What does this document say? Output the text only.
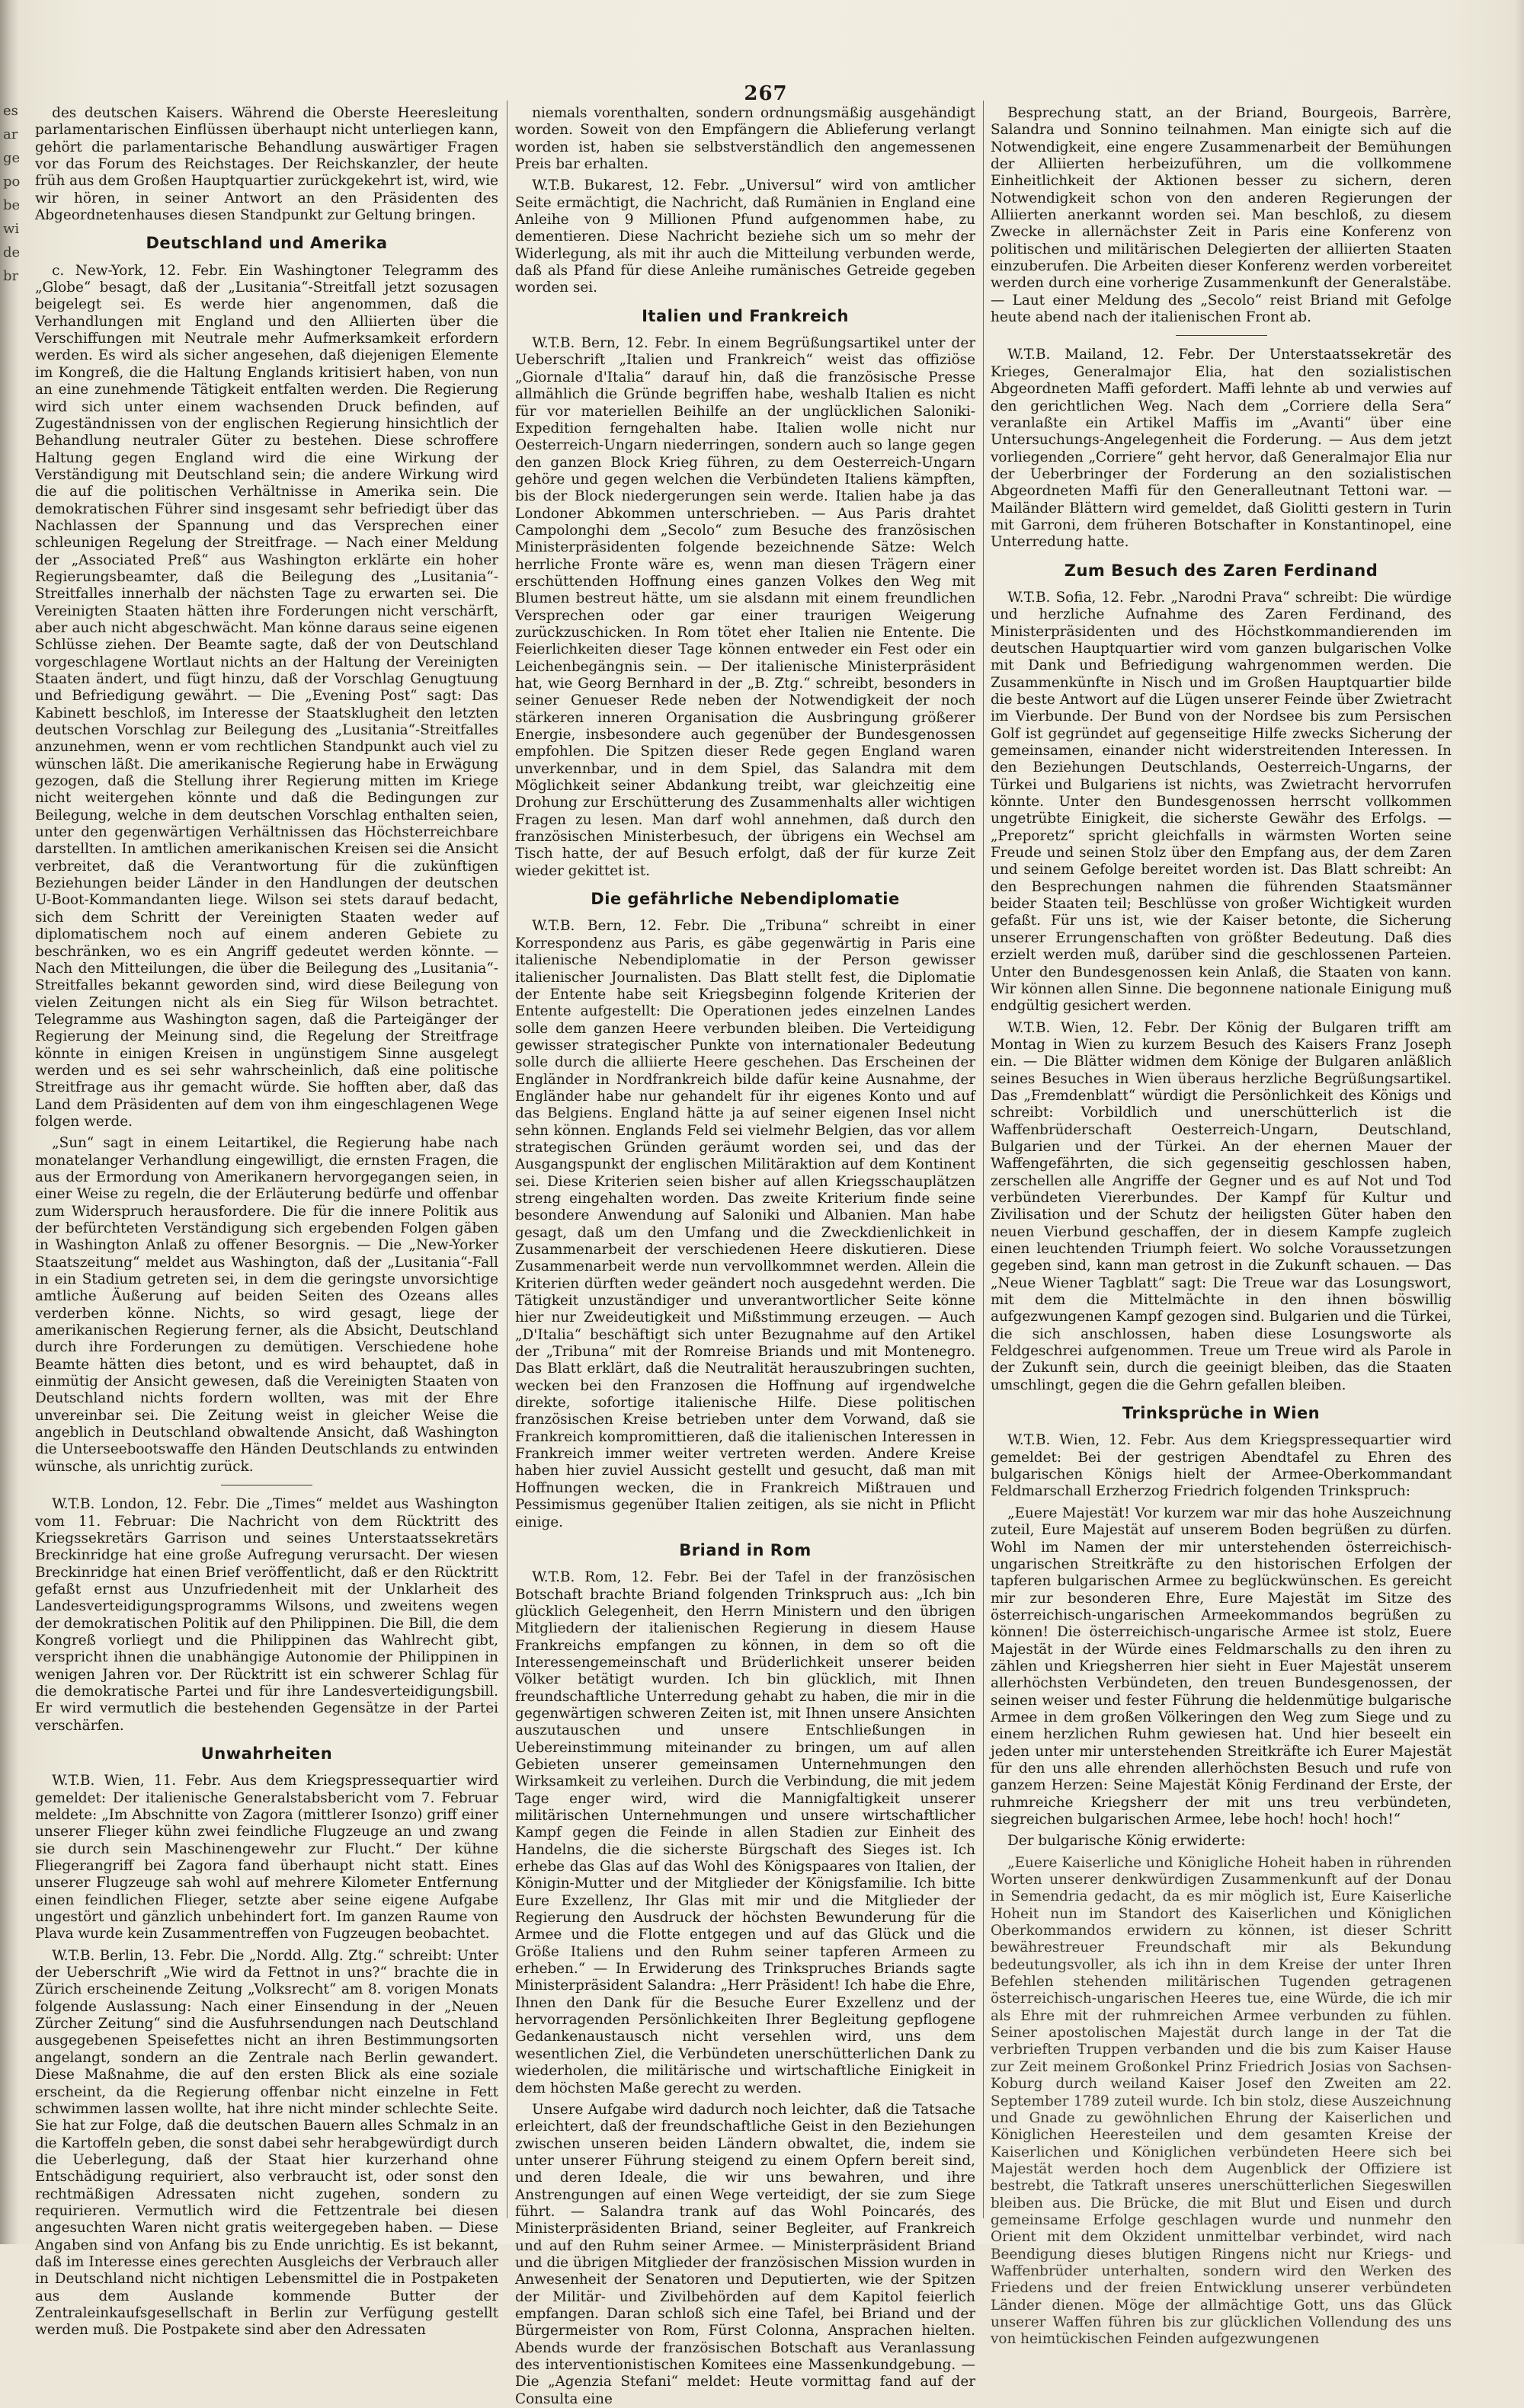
es
ar
ge
po
be
wi
de
br
267

des deutschen Kaisers. Während die Oberste Heeresleitung parlamentarischen Einflüssen überhaupt nicht unterliegen kann, gehört die parlamentarische Behandlung auswärtiger Fragen vor das Forum des Reichstages. Der Reichskanzler, der heute früh aus dem Großen Hauptquartier zurückgekehrt ist, wird, wie wir hören, in seiner Antwort an den Präsidenten des Abgeordnetenhauses diesen Standpunkt zur Geltung bringen.

Deutschland und Amerika

c. New-York, 12. Febr. Ein Washingtoner Telegramm des „Globe“ besagt, daß der „Lusitania“-Streitfall jetzt sozusagen beigelegt sei. Es werde hier angenommen, daß die Verhandlungen mit England und den Alliierten über die Verschiffungen mit Neutrale mehr Aufmerksamkeit erfordern werden. Es wird als sicher angesehen, daß diejenigen Elemente im Kongreß, die die Haltung Englands kritisiert haben, von nun an eine zunehmende Tätigkeit entfalten werden. Die Regierung wird sich unter einem wachsenden Druck befinden, auf Zugeständnissen von der englischen Regierung hinsichtlich der Behandlung neutraler Güter zu bestehen. Diese schroffere Haltung gegen England wird die eine Wirkung der Verständigung mit Deutschland sein; die andere Wirkung wird die auf die politischen Verhältnisse in Amerika sein. Die demokratischen Führer sind insgesamt sehr befriedigt über das Nachlassen der Spannung und das Versprechen einer schleunigen Regelung der Streitfrage. — Nach einer Meldung der „Associated Preß“ aus Washington erklärte ein hoher Regierungsbeamter, daß die Beilegung des „Lusitania“-Streitfalles innerhalb der nächsten Tage zu erwarten sei. Die Vereinigten Staaten hätten ihre Forderungen nicht verschärft, aber auch nicht abgeschwächt. Man könne daraus seine eigenen Schlüsse ziehen. Der Beamte sagte, daß der von Deutschland vorgeschlagene Wortlaut nichts an der Haltung der Vereinigten Staaten ändert, und fügt hinzu, daß der Vorschlag Genugtuung und Befriedigung gewährt. — Die „Evening Post“ sagt: Das Kabinett beschloß, im Interesse der Staatsklugheit den letzten deutschen Vorschlag zur Beilegung des „Lusitania“-Streitfalles anzunehmen, wenn er vom rechtlichen Standpunkt auch viel zu wünschen läßt. Die amerikanische Regierung habe in Erwägung gezogen, daß die Stellung ihrer Regierung mitten im Kriege nicht weitergehen könnte und daß die Bedingungen zur Beilegung, welche in dem deutschen Vorschlag enthalten seien, unter den gegenwärtigen Verhältnissen das Höchsterreichbare darstellten. In amtlichen amerikanischen Kreisen sei die Ansicht verbreitet, daß die Verantwortung für die zukünftigen Beziehungen beider Länder in den Handlungen der deutschen U-Boot-Kommandanten liege. Wilson sei stets darauf bedacht, sich dem Schritt der Vereinigten Staaten weder auf diplomatischem noch auf einem anderen Gebiete zu beschränken, wo es ein Angriff gedeutet werden könnte. — Nach den Mitteilungen, die über die Beilegung des „Lusitania“-Streitfalles bekannt geworden sind, wird diese Beilegung von vielen Zeitungen nicht als ein Sieg für Wilson betrachtet. Telegramme aus Washington sagen, daß die Parteigänger der Regierung der Meinung sind, die Regelung der Streitfrage könnte in einigen Kreisen in ungünstigem Sinne ausgelegt werden und es sei sehr wahrscheinlich, daß eine politische Streitfrage aus ihr gemacht würde. Sie hofften aber, daß das Land dem Präsidenten auf dem von ihm eingeschlagenen Wege folgen werde.

„Sun“ sagt in einem Leitartikel, die Regierung habe nach monatelanger Verhandlung eingewilligt, die ernsten Fragen, die aus der Ermordung von Amerikanern hervorgegangen seien, in einer Weise zu regeln, die der Erläuterung bedürfe und offenbar zum Widerspruch herausfordere. Die für die innere Politik aus der befürchteten Verständigung sich ergebenden Folgen gäben in Washington Anlaß zu offener Besorgnis. — Die „New-Yorker Staatszeitung“ meldet aus Washington, daß der „Lusitania“-Fall in ein Stadium getreten sei, in dem die geringste unvorsichtige amtliche Äußerung auf beiden Seiten des Ozeans alles verderben könne. Nichts, so wird gesagt, liege der amerikanischen Regierung ferner, als die Absicht, Deutschland durch ihre Forderungen zu demütigen. Verschiedene hohe Beamte hätten dies betont, und es wird behauptet, daß in einmütig der Ansicht gewesen, daß die Vereinigten Staaten von Deutschland nichts fordern wollten, was mit der Ehre unvereinbar sei. Die Zeitung weist in gleicher Weise die angeblich in Deutschland obwaltende Ansicht, daß Washington die Unterseebootswaffe den Händen Deutschlands zu entwinden wünsche, als unrichtig zurück.

W.T.B. London, 12. Febr. Die „Times“ meldet aus Washington vom 11. Februar: Die Nachricht von dem Rücktritt des Kriegssekretärs Garrison und seines Unterstaatssekretärs Breckinridge hat eine große Aufregung verursacht. Der wiesen Breckinridge hat einen Brief veröffentlicht, daß er den Rücktritt gefaßt ernst aus Unzufriedenheit mit der Unklarheit des Landesverteidigungsprogramms Wilsons, und zweitens wegen der demokratischen Politik auf den Philippinen. Die Bill, die dem Kongreß vorliegt und die Philippinen das Wahlrecht gibt, verspricht ihnen die unabhängige Autonomie der Philippinen in wenigen Jahren vor. Der Rücktritt ist ein schwerer Schlag für die demokratische Partei und für ihre Landesverteidigungsbill. Er wird vermutlich die bestehenden Gegensätze in der Partei verschärfen.

Unwahrheiten

W.T.B. Wien, 11. Febr. Aus dem Kriegspressequartier wird gemeldet: Der italienische Generalstabsbericht vom 7. Februar meldete: „Im Abschnitte von Zagora (mittlerer Isonzo) griff einer unserer Flieger kühn zwei feindliche Flugzeuge an und zwang sie durch sein Maschinengewehr zur Flucht.“ Der kühne Fliegerangriff bei Zagora fand überhaupt nicht statt. Eines unserer Flugzeuge sah wohl auf mehrere Kilometer Entfernung einen feindlichen Flieger, setzte aber seine eigene Aufgabe ungestört und gänzlich unbehindert fort. Im ganzen Raume von Plava wurde kein Zusammentreffen von Fugzeugen beobachtet.

W.T.B. Berlin, 13. Febr. Die „Nordd. Allg. Ztg.“ schreibt: Unter der Ueberschrift „Wie wird da Fettnot in uns?“ brachte die in Zürich erscheinende Zeitung „Volksrecht“ am 8. vorigen Monats folgende Auslassung: Nach einer Einsendung in der „Neuen Zürcher Zeitung“ sind die Ausfuhrsendungen nach Deutschland ausgegebenen Speisefettes nicht an ihren Bestimmungsorten angelangt, sondern an die Zentrale nach Berlin gewandert. Diese Maßnahme, die auf den ersten Blick als eine soziale erscheint, da die Regierung offenbar nicht einzelne in Fett schwimmen lassen wollte, hat ihre nicht minder schlechte Seite. Sie hat zur Folge, daß die deutschen Bauern alles Schmalz in an die Kartoffeln geben, die sonst dabei sehr herabgewürdigt durch die Ueberlegung, daß der Staat hier kurzerhand ohne Entschädigung requiriert, also verbraucht ist, oder sonst den rechtmäßigen Adressaten nicht zugehen, sondern zu requirieren. Vermutlich wird die Fettzentrale bei diesen angesuchten Waren nicht gratis weitergegeben haben. — Diese Angaben sind von Anfang bis zu Ende unrichtig. Es ist bekannt, daß im Interesse eines gerechten Ausgleichs der Verbrauch aller in Deutschland nicht nichtigen Lebensmittel die in Postpaketen aus dem Auslande kommende Butter der Zentraleinkaufsgesellschaft in Berlin zur Verfügung gestellt werden muß. Die Postpakete sind aber den Adressaten

niemals vorenthalten, sondern ordnungsmäßig ausgehändigt worden. Soweit von den Empfängern die Ablieferung verlangt worden ist, haben sie selbstverständlich den angemessenen Preis bar erhalten.

W.T.B. Bukarest, 12. Febr. „Universul“ wird von amtlicher Seite ermächtigt, die Nachricht, daß Rumänien in England eine Anleihe von 9 Millionen Pfund aufgenommen habe, zu dementieren. Diese Nachricht beziehe sich um so mehr der Widerlegung, als mit ihr auch die Mitteilung verbunden werde, daß als Pfand für diese Anleihe rumänisches Getreide gegeben worden sei.

Italien und Frankreich

W.T.B. Bern, 12. Febr. In einem Begrüßungsartikel unter der Ueberschrift „Italien und Frankreich“ weist das offiziöse „Giornale d'Italia“ darauf hin, daß die französische Presse allmählich die Gründe begriffen habe, weshalb Italien es nicht für vor materiellen Beihilfe an der unglücklichen Saloniki-Expedition ferngehalten habe. Italien wolle nicht nur Oesterreich-Ungarn niederringen, sondern auch so lange gegen den ganzen Block Krieg führen, zu dem Oesterreich-Ungarn gehöre und gegen welchen die Verbündeten Italiens kämpften, bis der Block niedergerungen sein werde. Italien habe ja das Londoner Abkommen unterschrieben. — Aus Paris drahtet Campolonghi dem „Secolo“ zum Besuche des französischen Ministerpräsidenten folgende bezeichnende Sätze: Welch herrliche Fronte wäre es, wenn man diesen Trägern einer erschüttenden Hoffnung eines ganzen Volkes den Weg mit Blumen bestreut hätte, um sie alsdann mit einem freundlichen Versprechen oder gar einer traurigen Weigerung zurückzuschicken. In Rom tötet eher Italien nie Entente. Die Feierlichkeiten dieser Tage können entweder ein Fest oder ein Leichenbegängnis sein. — Der italienische Ministerpräsident hat, wie Georg Bernhard in der „B. Ztg.“ schreibt, besonders in seiner Genueser Rede neben der Notwendigkeit der noch stärkeren inneren Organisation die Ausbringung größerer Energie, insbesondere auch gegenüber der Bundesgenossen empfohlen. Die Spitzen dieser Rede gegen England waren unverkennbar, und in dem Spiel, das Salandra mit dem Möglichkeit seiner Abdankung treibt, war gleichzeitig eine Drohung zur Erschütterung des Zusammenhalts aller wichtigen Fragen zu lesen. Man darf wohl annehmen, daß durch den französischen Ministerbesuch, der übrigens ein Wechsel am Tisch hatte, der auf Besuch erfolgt, daß der für kurze Zeit wieder gekittet ist.

Die gefährliche Nebendiplomatie

W.T.B. Bern, 12. Febr. Die „Tribuna“ schreibt in einer Korrespondenz aus Paris, es gäbe gegenwärtig in Paris eine italienische Nebendiplomatie in der Person gewisser italienischer Journalisten. Das Blatt stellt fest, die Diplomatie der Entente habe seit Kriegsbeginn folgende Kriterien der Entente aufgestellt: Die Operationen jedes einzelnen Landes solle dem ganzen Heere verbunden bleiben. Die Verteidigung gewisser strategischer Punkte von internationaler Bedeutung solle durch die alliierte Heere geschehen. Das Erscheinen der Engländer in Nordfrankreich bilde dafür keine Ausnahme, der Engländer habe nur gehandelt für ihr eigenes Konto und auf das Belgiens. England hätte ja auf seiner eigenen Insel nicht sehn können. Englands Feld sei vielmehr Belgien, das vor allem strategischen Gründen geräumt worden sei, und das der Ausgangspunkt der englischen Militäraktion auf dem Kontinent sei. Diese Kriterien seien bisher auf allen Kriegsschauplätzen streng eingehalten worden. Das zweite Kriterium finde seine besondere Anwendung auf Saloniki und Albanien. Man habe gesagt, daß um den Umfang und die Zweckdienlichkeit in Zusammenarbeit der verschiedenen Heere diskutieren. Diese Zusammenarbeit werde nun vervollkommnet werden. Allein die Kriterien dürften weder geändert noch ausgedehnt werden. Die Tätigkeit unzuständiger und unverantwortlicher Seite könne hier nur Zweideutigkeit und Mißstimmung erzeugen. — Auch „D'Italia“ beschäftigt sich unter Bezugnahme auf den Artikel der „Tribuna“ mit der Romreise Briands und mit Montenegro. Das Blatt erklärt, daß die Neutralität herauszubringen suchten, wecken bei den Franzosen die Hoffnung auf irgendwelche direkte, sofortige italienische Hilfe. Diese politischen französischen Kreise betrieben unter dem Vorwand, daß sie Frankreich kompromittieren, daß die italienischen Interessen in Frankreich immer weiter vertreten werden. Andere Kreise haben hier zuviel Aussicht gestellt und gesucht, daß man mit Hoffnungen wecken, die in Frankreich Mißtrauen und Pessimismus gegenüber Italien zeitigen, als sie nicht in Pflicht einige.

Briand in Rom

W.T.B. Rom, 12. Febr. Bei der Tafel in der französischen Botschaft brachte Briand folgenden Trinkspruch aus: „Ich bin glücklich Gelegenheit, den Herrn Ministern und den übrigen Mitgliedern der italienischen Regierung in diesem Hause Frankreichs empfangen zu können, in dem so oft die Interessengemeinschaft und Brüderlichkeit unserer beiden Völker betätigt wurden. Ich bin glücklich, mit Ihnen freundschaftliche Unterredung gehabt zu haben, die mir in die gegenwärtigen schweren Zeiten ist, mit Ihnen unsere Ansichten auszutauschen und unsere Entschließungen in Uebereinstimmung miteinander zu bringen, um auf allen Gebieten unserer gemeinsamen Unternehmungen den Wirksamkeit zu verleihen. Durch die Verbindung, die mit jedem Tage enger wird, wird die Mannigfaltigkeit unserer militärischen Unternehmungen und unsere wirtschaftlicher Kampf gegen die Feinde in allen Stadien zur Einheit des Handelns, die die sicherste Bürgschaft des Sieges ist. Ich erhebe das Glas auf das Wohl des Königspaares von Italien, der Königin-Mutter und der Mitglieder der Königsfamilie. Ich bitte Eure Exzellenz, Ihr Glas mit mir und die Mitglieder der Regierung den Ausdruck der höchsten Bewunderung für die Armee und die Flotte entgegen und auf das Glück und die Größe Italiens und den Ruhm seiner tapferen Armeen zu erheben.“ — In Erwiderung des Trinkspruches Briands sagte Ministerpräsident Salandra: „Herr Präsident! Ich habe die Ehre, Ihnen den Dank für die Besuche Eurer Exzellenz und der hervorragenden Persönlichkeiten Ihrer Begleitung gepflogene Gedankenaustausch nicht versehlen wird, uns dem wesentlichen Ziel, die Verbündeten unerschütterlichen Dank zu wiederholen, die militärische und wirtschaftliche Einigkeit in dem höchsten Maße gerecht zu werden.

Unsere Aufgabe wird dadurch noch leichter, daß die Tatsache erleichtert, daß der freundschaftliche Geist in den Beziehungen zwischen unseren beiden Ländern obwaltet, die, indem sie unter unserer Führung steigend zu einem Opfern bereit sind, und deren Ideale, die wir uns bewahren, und ihre Anstrengungen auf einen Wege verteidigt, der sie zum Siege führt. — Salandra trank auf das Wohl Poincarés, des Ministerpräsidenten Briand, seiner Begleiter, auf Frankreich und auf den Ruhm seiner Armee. — Ministerpräsident Briand und die übrigen Mitglieder der französischen Mission wurden in Anwesenheit der Senatoren und Deputierten, wie der Spitzen der Militär- und Zivilbehörden auf dem Kapitol feierlich empfangen. Daran schloß sich eine Tafel, bei Briand und der Bürgermeister von Rom, Fürst Colonna, Ansprachen hielten. Abends wurde der französischen Botschaft aus Veranlassung des interventionistischen Komitees eine Massenkundgebung. — Die „Agenzia Stefani“ meldet: Heute vormittag fand auf der Consulta eine

Besprechung statt, an der Briand, Bourgeois, Barrère, Salandra und Sonnino teilnahmen. Man einigte sich auf die Notwendigkeit, eine engere Zusammenarbeit der Bemühungen der Alliierten herbeizuführen, um die vollkommene Einheitlichkeit der Aktionen besser zu sichern, deren Notwendigkeit schon von den anderen Regierungen der Alliierten anerkannt worden sei. Man beschloß, zu diesem Zwecke in allernächster Zeit in Paris eine Konferenz von politischen und militärischen Delegierten der alliierten Staaten einzuberufen. Die Arbeiten dieser Konferenz werden vorbereitet werden durch eine vorherige Zusammenkunft der Generalstäbe. — Laut einer Meldung des „Secolo“ reist Briand mit Gefolge heute abend nach der italienischen Front ab.

W.T.B. Mailand, 12. Febr. Der Unterstaatssekretär des Krieges, Generalmajor Elia, hat den sozialistischen Abgeordneten Maffi gefordert. Maffi lehnte ab und verwies auf den gerichtlichen Weg. Nach dem „Corriere della Sera“ veranlaßte ein Artikel Maffis im „Avanti“ über eine Untersuchungs-Angelegenheit die Forderung. — Aus dem jetzt vorliegenden „Corriere“ geht hervor, daß Generalmajor Elia nur der Ueberbringer der Forderung an den sozialistischen Abgeordneten Maffi für den Generalleutnant Tettoni war. — Mailänder Blättern wird gemeldet, daß Giolitti gestern in Turin mit Garroni, dem früheren Botschafter in Konstantinopel, eine Unterredung hatte.

Zum Besuch des Zaren Ferdinand

W.T.B. Sofia, 12. Febr. „Narodni Prava“ schreibt: Die würdige und herzliche Aufnahme des Zaren Ferdinand, des Ministerpräsidenten und des Höchstkommandierenden im deutschen Hauptquartier wird vom ganzen bulgarischen Volke mit Dank und Befriedigung wahrgenommen werden. Die Zusammenkünfte in Nisch und im Großen Hauptquartier bilde die beste Antwort auf die Lügen unserer Feinde über Zwietracht im Vierbunde. Der Bund von der Nordsee bis zum Persischen Golf ist gegründet auf gegenseitige Hilfe zwecks Sicherung der gemeinsamen, einander nicht widerstreitenden Interessen. In den Beziehungen Deutschlands, Oesterreich-Ungarns, der Türkei und Bulgariens ist nichts, was Zwietracht hervorrufen könnte. Unter den Bundesgenossen herrscht vollkommen ungetrübte Einigkeit, die sicherste Gewähr des Erfolgs. — „Preporetz“ spricht gleichfalls in wärmsten Worten seine Freude und seinen Stolz über den Empfang aus, der dem Zaren und seinem Gefolge bereitet worden ist. Das Blatt schreibt: An den Besprechungen nahmen die führenden Staatsmänner beider Staaten teil; Beschlüsse von großer Wichtigkeit wurden gefaßt. Für uns ist, wie der Kaiser betonte, die Sicherung unserer Errungenschaften von größter Bedeutung. Daß dies erzielt werden muß, darüber sind die geschlossenen Parteien. Unter den Bundesgenossen kein Anlaß, die Staaten von kann. Wir können allen Sinne. Die begonnene nationale Einigung muß endgültig gesichert werden.

W.T.B. Wien, 12. Febr. Der König der Bulgaren trifft am Montag in Wien zu kurzem Besuch des Kaisers Franz Joseph ein. — Die Blätter widmen dem Könige der Bulgaren anläßlich seines Besuches in Wien überaus herzliche Begrüßungsartikel. Das „Fremdenblatt“ würdigt die Persönlichkeit des Königs und schreibt: Vorbildlich und unerschütterlich ist die Waffenbrüderschaft Oesterreich-Ungarn, Deutschland, Bulgarien und der Türkei. An der ehernen Mauer der Waffengefährten, die sich gegenseitig geschlossen haben, zerschellen alle Angriffe der Gegner und es auf Not und Tod verbündeten Viererbundes. Der Kampf für Kultur und Zivilisation und der Schutz der heiligsten Güter haben den neuen Vierbund geschaffen, der in diesem Kampfe zugleich einen leuchtenden Triumph feiert. Wo solche Voraussetzungen gegeben sind, kann man getrost in die Zukunft schauen. — Das „Neue Wiener Tagblatt“ sagt: Die Treue war das Losungswort, mit dem die Mittelmächte in den ihnen böswillig aufgezwungenen Kampf gezogen sind. Bulgarien und die Türkei, die sich anschlossen, haben diese Losungsworte als Feldgeschrei aufgenommen. Treue um Treue wird als Parole in der Zukunft sein, durch die geeinigt bleiben, das die Staaten umschlingt, gegen die die Gehrn gefallen bleiben.

Trinksprüche in Wien

W.T.B. Wien, 12. Febr. Aus dem Kriegspressequartier wird gemeldet: Bei der gestrigen Abendtafel zu Ehren des bulgarischen Königs hielt der Armee-Oberkommandant Feldmarschall Erzherzog Friedrich folgenden Trinkspruch:

„Euere Majestät! Vor kurzem war mir das hohe Auszeichnung zuteil, Eure Majestät auf unserem Boden begrüßen zu dürfen. Wohl im Namen der mir unterstehenden österreichisch-ungarischen Streitkräfte zu den historischen Erfolgen der tapferen bulgarischen Armee zu beglückwünschen. Es gereicht mir zur besonderen Ehre, Eure Majestät im Sitze des österreichisch-ungarischen Armeekommandos begrüßen zu können! Die österreichisch-ungarische Armee ist stolz, Euere Majestät in der Würde eines Feldmarschalls zu den ihren zu zählen und Kriegsherren hier sieht in Euer Majestät unserem allerhöchsten Verbündeten, den treuen Bundesgenossen, der seinen weiser und fester Führung die heldenmütige bulgarische Armee in dem großen Völkeringen den Weg zum Siege und zu einem herzlichen Ruhm gewiesen hat. Und hier beseelt ein jeden unter mir unterstehenden Streitkräfte ich Eurer Majestät für den uns alle ehrenden allerhöchsten Besuch und rufe von ganzem Herzen: Seine Majestät König Ferdinand der Erste, der ruhmreiche Kriegsherr der mit uns treu verbündeten, siegreichen bulgarischen Armee, lebe hoch! hoch! hoch!“

Der bulgarische König erwiderte:

„Euere Kaiserliche und Königliche Hoheit haben in rührenden Worten unserer denkwürdigen Zusammenkunft auf der Donau in Semendria gedacht, da es mir möglich ist, Eure Kaiserliche Hoheit nun im Standort des Kaiserlichen und Königlichen Oberkommandos erwidern zu können, ist dieser Schritt bewährestreuer Freundschaft mir als Bekundung bedeutungsvoller, als ich ihn in dem Kreise der unter Ihren Befehlen stehenden militärischen Tugenden getragenen österreichisch-ungarischen Heeres tue, eine Würde, die ich mir als Ehre mit der ruhmreichen Armee verbunden zu fühlen. Seiner apostolischen Majestät durch lange in der Tat die verbrieften Truppen verbanden und die bis zum Kaiser Hause zur Zeit meinem Großonkel Prinz Friedrich Josias von Sachsen-Koburg durch weiland Kaiser Josef den Zweiten am 22. September 1789 zuteil wurde. Ich bin stolz, diese Auszeichnung und Gnade zu gewöhnlichen Ehrung der Kaiserlichen und Königlichen Heeresteilen und dem gesamten Kreise der Kaiserlichen und Königlichen verbündeten Heere sich bei Majestät werden hoch dem Augenblick der Offiziere ist bestrebt, die Tatkraft unseres unerschütterlichen Siegeswillen bleiben aus. Die Brücke, die mit Blut und Eisen und durch gemeinsame Erfolge geschlagen wurde und nunmehr den Orient mit dem Okzident unmittelbar verbindet, wird nach Beendigung dieses blutigen Ringens nicht nur Kriegs- und Waffenbrüder unterhalten, sondern wird den Werken des Friedens und der freien Entwicklung unserer verbündeten Länder dienen. Möge der allmächtige Gott, uns das Glück unserer Waffen führen bis zur glücklichen Vollendung des uns von heimtückischen Feinden aufgezwungenen
